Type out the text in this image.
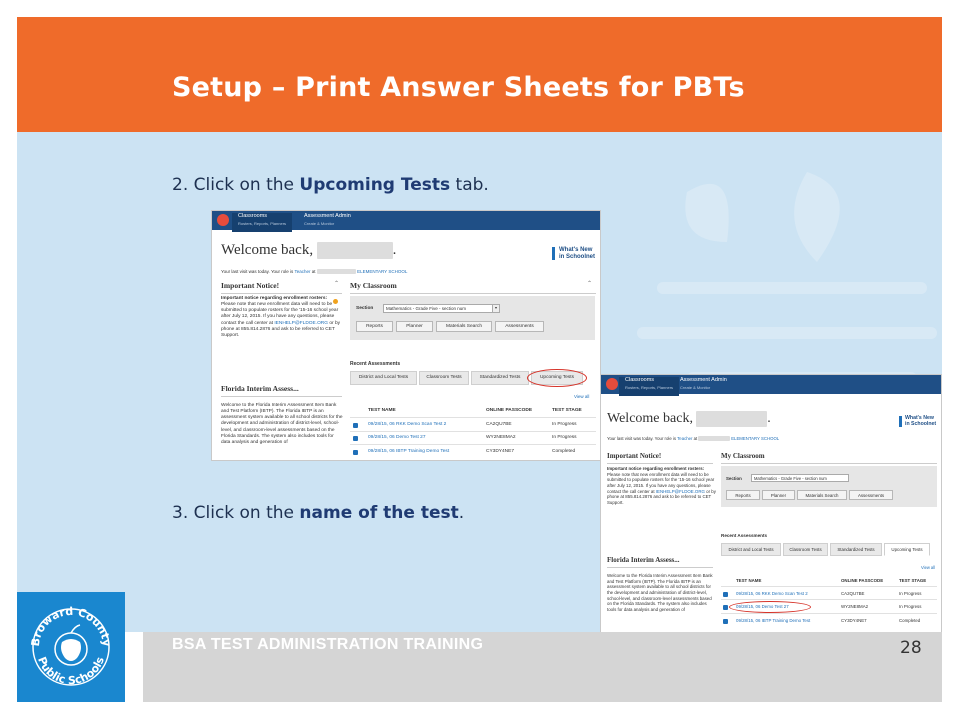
Setup – Print Answer Sheets for PBTs
2. Click on the Upcoming Tests tab.
3. Click on the name of the test.
Classrooms
Rosters, Reports, Planners
Assessment Admin
Create & Monitor
Welcome back,	.
Your last visit was today. Your role is Teacher at	ELEMENTARY SCHOOL
What's New
in Schoolnet
Important Notice!	⌃
Important notice regarding enrollment rosters:
Please note that new enrollment data will need to be submitted to populate rosters for the '15-16 school year after July 12, 2015. If you have any questions, please contact the call center at IENHELP@FLDOE.ORG or by phone at 855.814.2876 and ask to be referred to CET Support.
Florida Interim Assess...
Welcome to the Florida Interim Assessment Item Bank and Test Platform (IBTP). The Florida IBTP is an assessment system available to all school districts for the development and administration of district-level, school-level, and classroom-level assessments based on the Florida Standards. The system also includes tools for data analysis and generation of
My Classroom	⌃
Section	Mathematics - Grade Five - section num	▾
Reports	Planner	Materials Search	Assessments
Recent Assessments
District and Local Tests	Classroom Tests	Standardized Tests	Upcoming Tests
View all
TEST NAME	ONLINE PASSCODE	TEST STAGE
09/28/15, 06 RKK Demo Scan Test 2	CA2QU7BE	In Progress
09/28/15, 06 Demo Test 27	WY2NE8MA2	In Progress
09/28/15, 06 IBTP Training Demo Test	CY3DY4NE7	Completed
Classrooms
Rosters, Reports, Planners
Assessment Admin
Create & Monitor
Welcome back,	.
Your last visit was today. Your role is Teacher at	ELEMENTARY SCHOOL
What's New
in Schoolnet
Important Notice!
Important notice regarding enrollment rosters:
Please note that new enrollment data will need to be submitted to populate rosters for the '15-16 school year after July 12, 2015. If you have any questions, please contact the call center at IENHELP@FLDOE.ORG or by phone at 855.814.2876 and ask to be referred to CET Support.
Florida Interim Assess...
Welcome to the Florida Interim Assessment Item Bank and Test Platform (IBTP). The Florida IBTP is an assessment system available to all school districts for the development and administration of district-level, school-level, and classroom-level assessments based on the Florida Standards. The system also includes tools for data analysis and generation of
My Classroom
Section	Mathematics - Grade Five - section num
Reports	Planner	Materials Search	Assessments
Recent Assessments
District and Local Tests	Classroom Tests	Standardized Tests	Upcoming Tests
View all
TEST NAME	ONLINE PASSCODE	TEST STAGE
09/28/15, 06 RKK Demo Scan Test 2	CA2QU7BE	In Progress
09/28/15, 06 Demo Test 27	WY2NE8MA2	In Progress
09/28/15, 06 IBTP Training Demo Test	CY3DY4NE7	Completed
BSA TEST ADMINISTRATION TRAINING	28
Broward County
Public Schools
